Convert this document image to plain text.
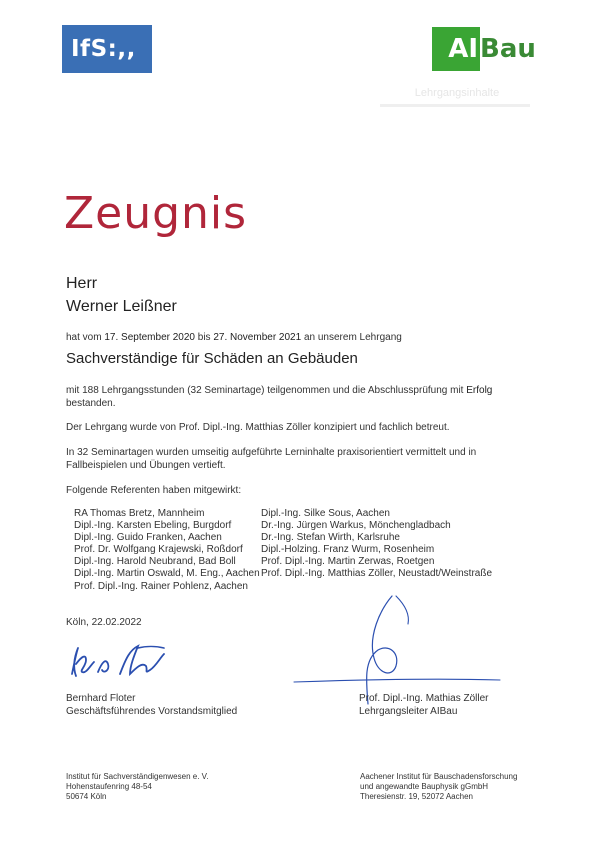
IfS:,,	AI Bau
Lehrgangsinhalte
Zeugnis
Herr
Werner Leißner
hat vom 17. September 2020 bis 27. November 2021 an unserem Lehrgang
Sachverständige für Schäden an Gebäuden
mit 188 Lehrgangsstunden (32 Seminartage) teilgenommen und die Abschlussprüfung mit Erfolg bestanden.
Der Lehrgang wurde von Prof. Dipl.-Ing. Matthias Zöller konzipiert und fachlich betreut.
In 32 Seminartagen wurden umseitig aufgeführte Lerninhalte praxisorientiert vermittelt und in Fallbeispielen und Übungen vertieft.
Folgende Referenten haben mitgewirkt:
RA Thomas Bretz, Mannheim
Dipl.-Ing. Karsten Ebeling, Burgdorf
Dipl.-Ing. Guido Franken, Aachen
Prof. Dr. Wolfgang Krajewski, Roßdorf
Dipl.-Ing. Harold Neubrand, Bad Boll
Dipl.-Ing. Martin Oswald, M. Eng., Aachen
Prof. Dipl.-Ing. Rainer Pohlenz, Aachen
Dipl.-Ing. Silke Sous, Aachen
Dr.-Ing. Jürgen Warkus, Mönchengladbach
Dr.-Ing. Stefan Wirth, Karlsruhe
Dipl.-Holzing. Franz Wurm, Rosenheim
Prof. Dipl.-Ing. Martin Zerwas, Roetgen
Prof. Dipl.-Ing. Matthias Zöller, Neustadt/Weinstraße
Köln, 22.02.2022
Bernhard Floter
Geschäftsführendes Vorstandsmitglied
Prof. Dipl.-Ing. Mathias Zöller
Lehrgangsleiter AIBau
Institut für Sachverständigenwesen e. V.
Hohenstaufenring 48-54
50674 Köln
Aachener Institut für Bauschadensforschung
und angewandte Bauphysik gGmbH
Theresienstr. 19, 52072 Aachen
